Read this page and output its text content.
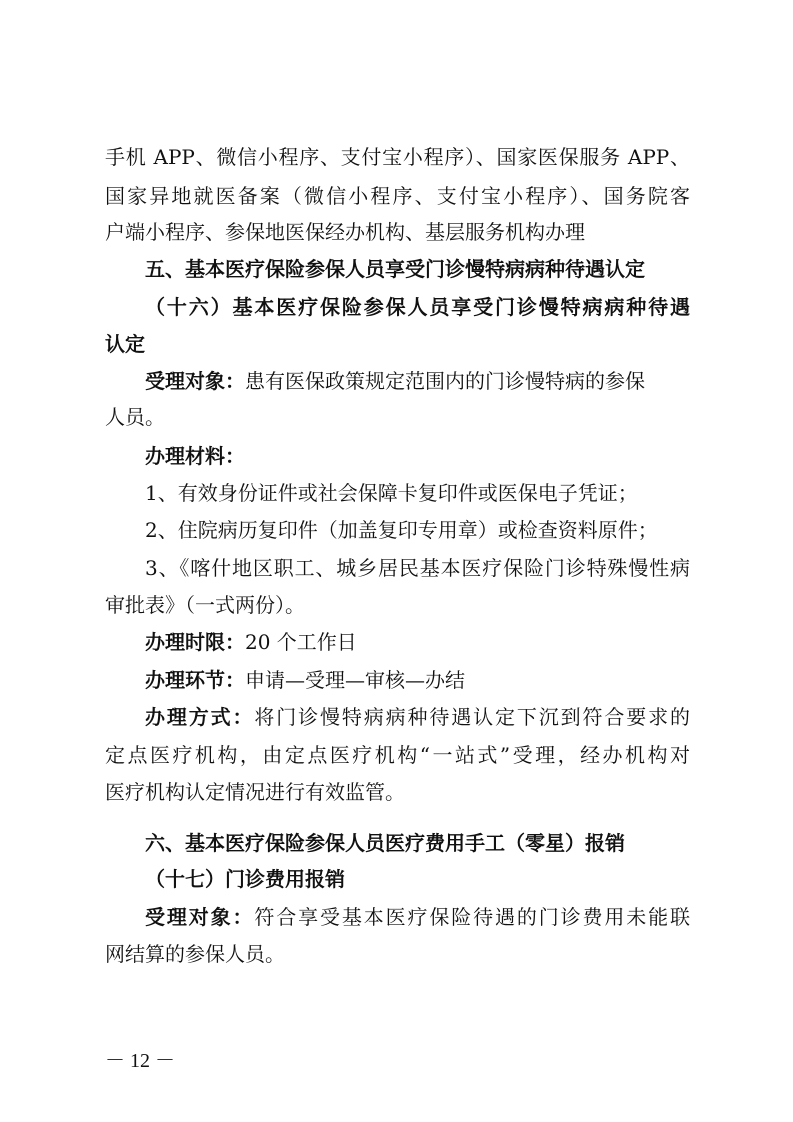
手机 APP、微信小程序、支付宝小程序）、国家医保服务 APP、
国家异地就医备案（微信小程序、支付宝小程序）、国务院客
户端小程序、参保地医保经办机构、基层服务机构办理
五、基本医疗保险参保人员享受门诊慢特病病种待遇认定
（十六）基本医疗保险参保人员享受门诊慢特病病种待遇
认定
受理对象：患有医保政策规定范围内的门诊慢特病的参保
人员。
办理材料：
1、有效身份证件或社会保障卡复印件或医保电子凭证；
2、住院病历复印件（加盖复印专用章）或检查资料原件；
3、《喀什地区职工、城乡居民基本医疗保险门诊特殊慢性病
审批表》（一式两份）。
办理时限：20 个工作日
办理环节：申请—受理—审核—办结
办理方式：将门诊慢特病病种待遇认定下沉到符合要求的
定点医疗机构，由定点医疗机构“一站式”受理，经办机构对
医疗机构认定情况进行有效监管。
六、基本医疗保险参保人员医疗费用手工（零星）报销
（十七）门诊费用报销
受理对象：符合享受基本医疗保险待遇的门诊费用未能联
网结算的参保人员。
－ 12 －
